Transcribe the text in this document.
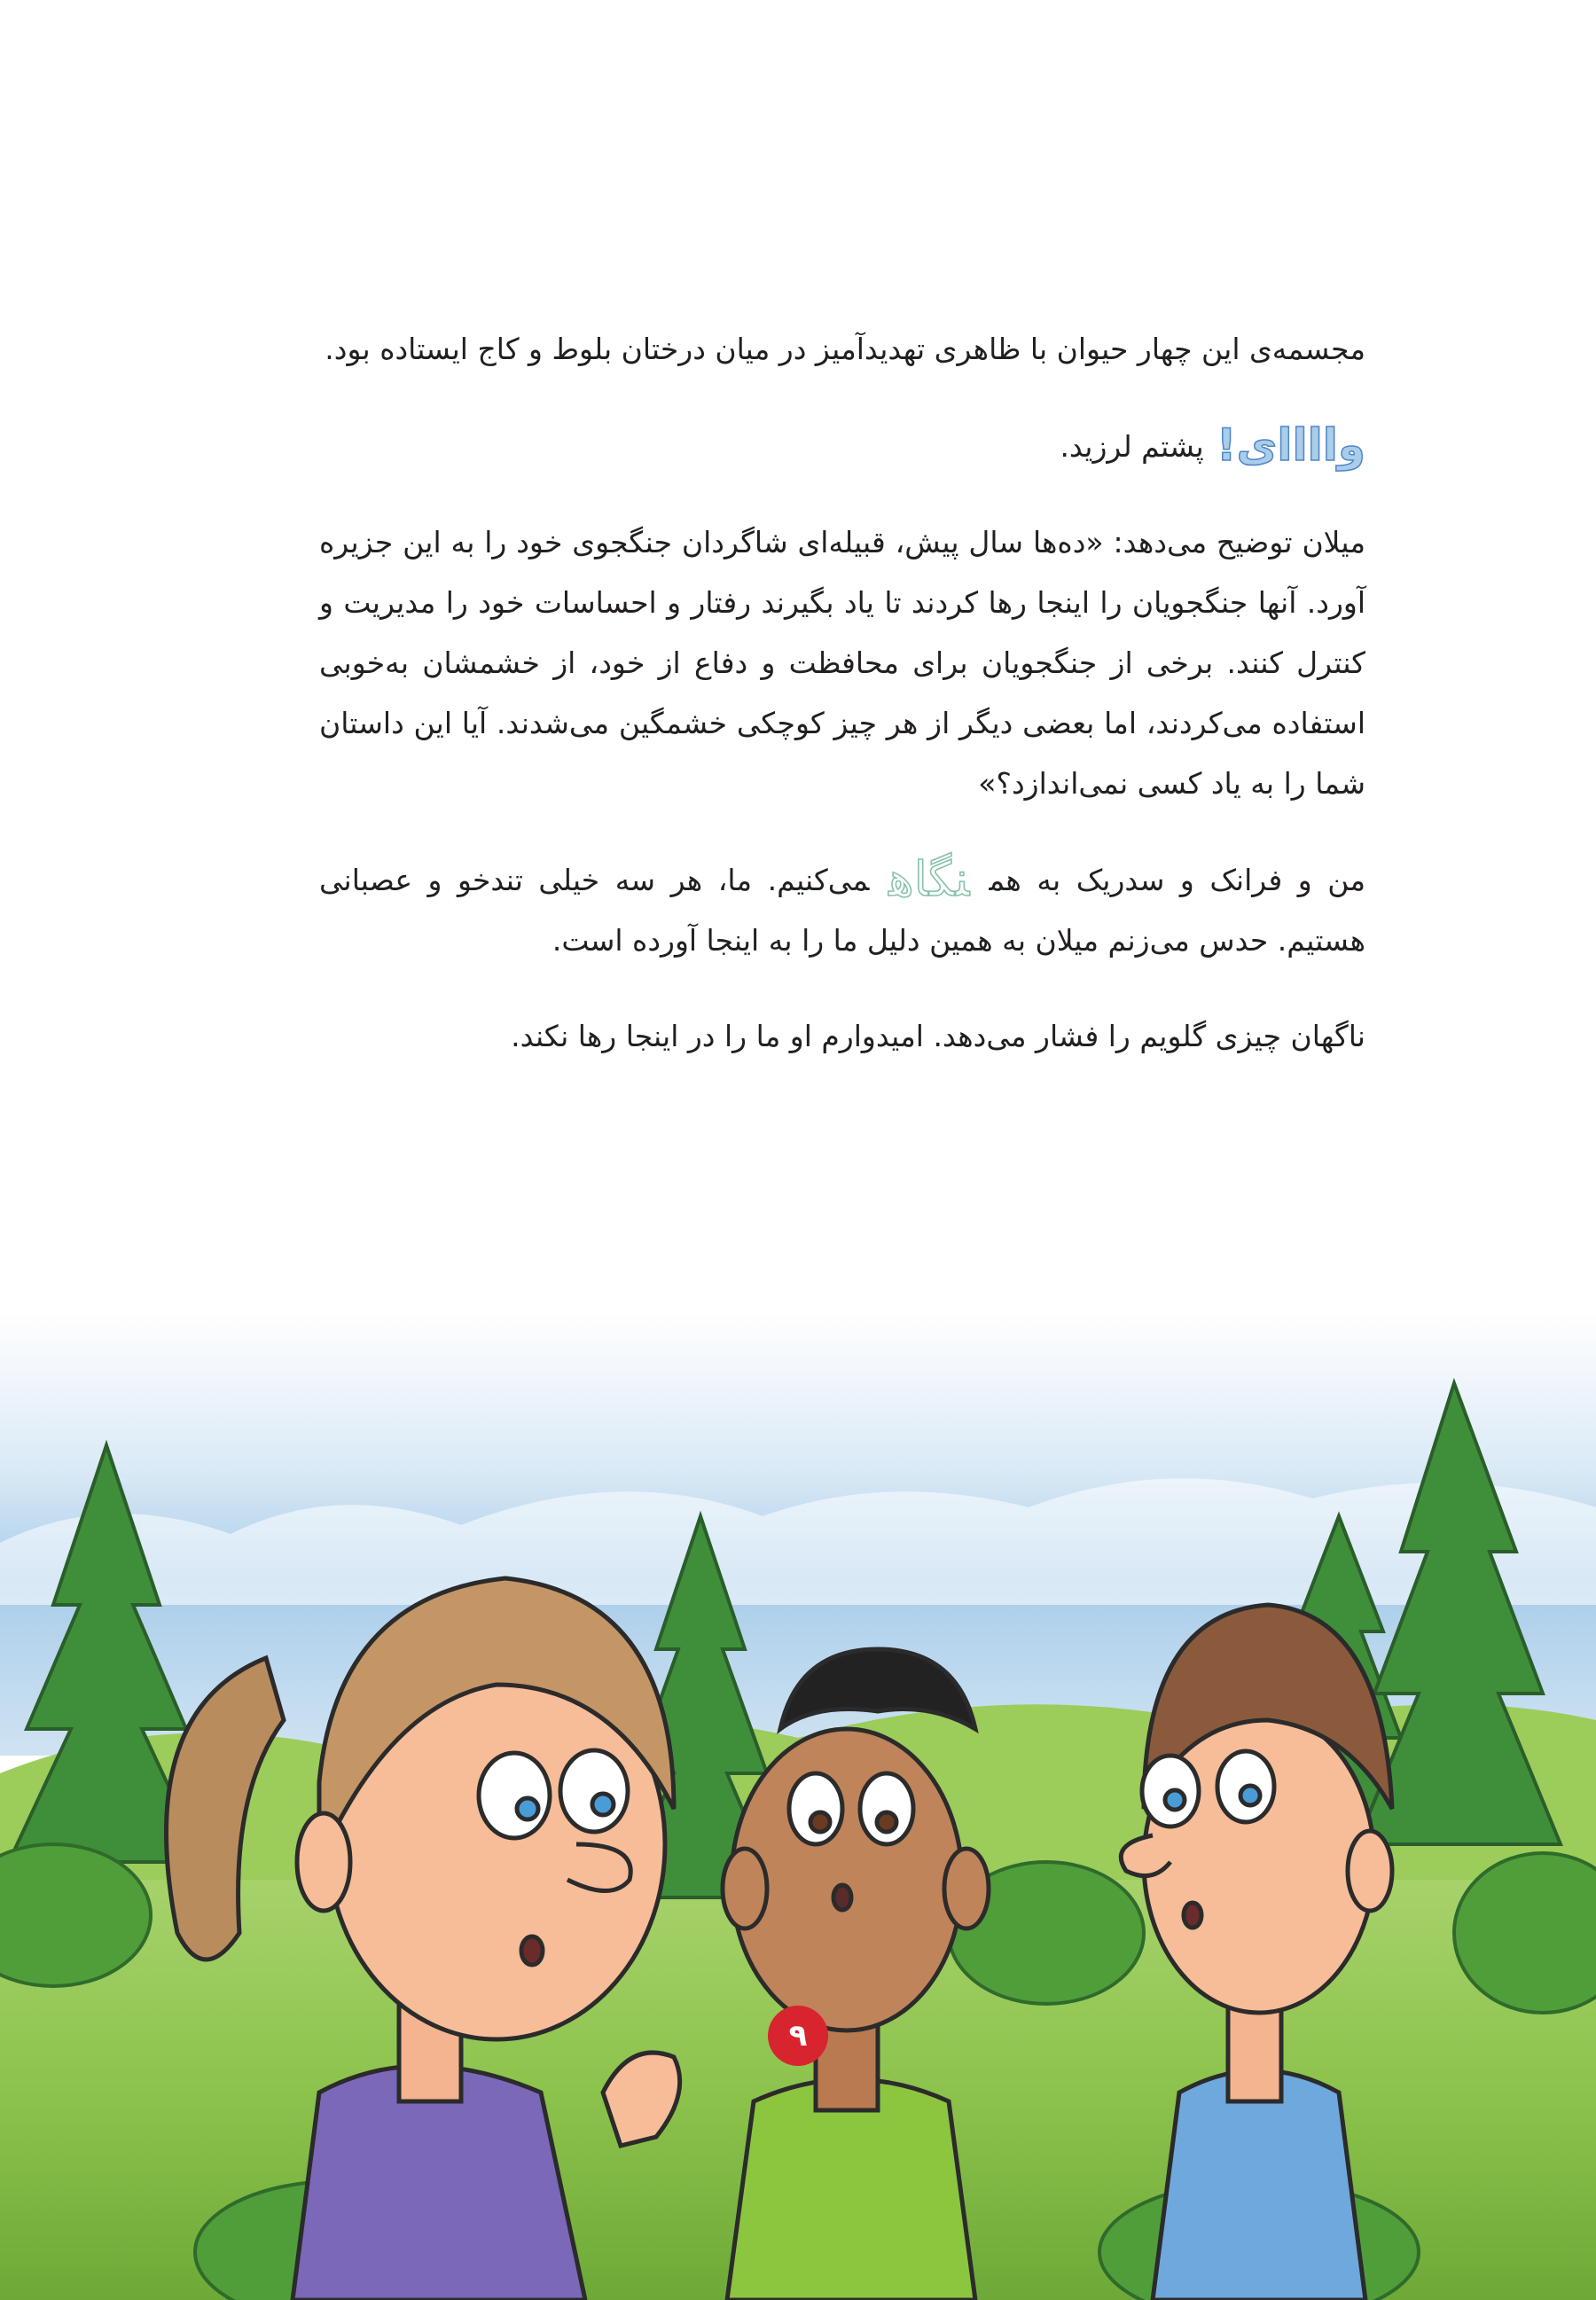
مجسمه‌ی این چهار حیوان با ظاهری تهدیدآمیز در میان درختان بلوط و کاج ایستاده بود.

واااای!پشتم لرزید.

میلان توضیح می‌دهد: «ده‌ها سال پیش، قبیله‌ای شاگردان جنگجوی خود را به این جزیره آورد. آنها جنگجویان را اینجا رها کردند تا یاد بگیرند رفتار و احساسات خود را مدیریت و کنترل کنند. برخی از جنگجویان برای محافظت و دفاع از خود، از خشمشان به‌خوبی استفاده می‌کردند، اما بعضی دیگر از هر چیز کوچکی خشمگین می‌شدند. آیا این داستان شما را به یاد کسی نمی‌اندازد؟»

من و فرانک و سدریک به همنگاهمی‌کنیم. ما، هر سه خیلی تندخو و عصبانی هستیم. حدس می‌زنم میلان به همین دلیل ما را به اینجا آورده است.

ناگهان چیزی گلویم را فشار می‌دهد. امیدوارم او ما را در اینجا رها نکند.

۹
